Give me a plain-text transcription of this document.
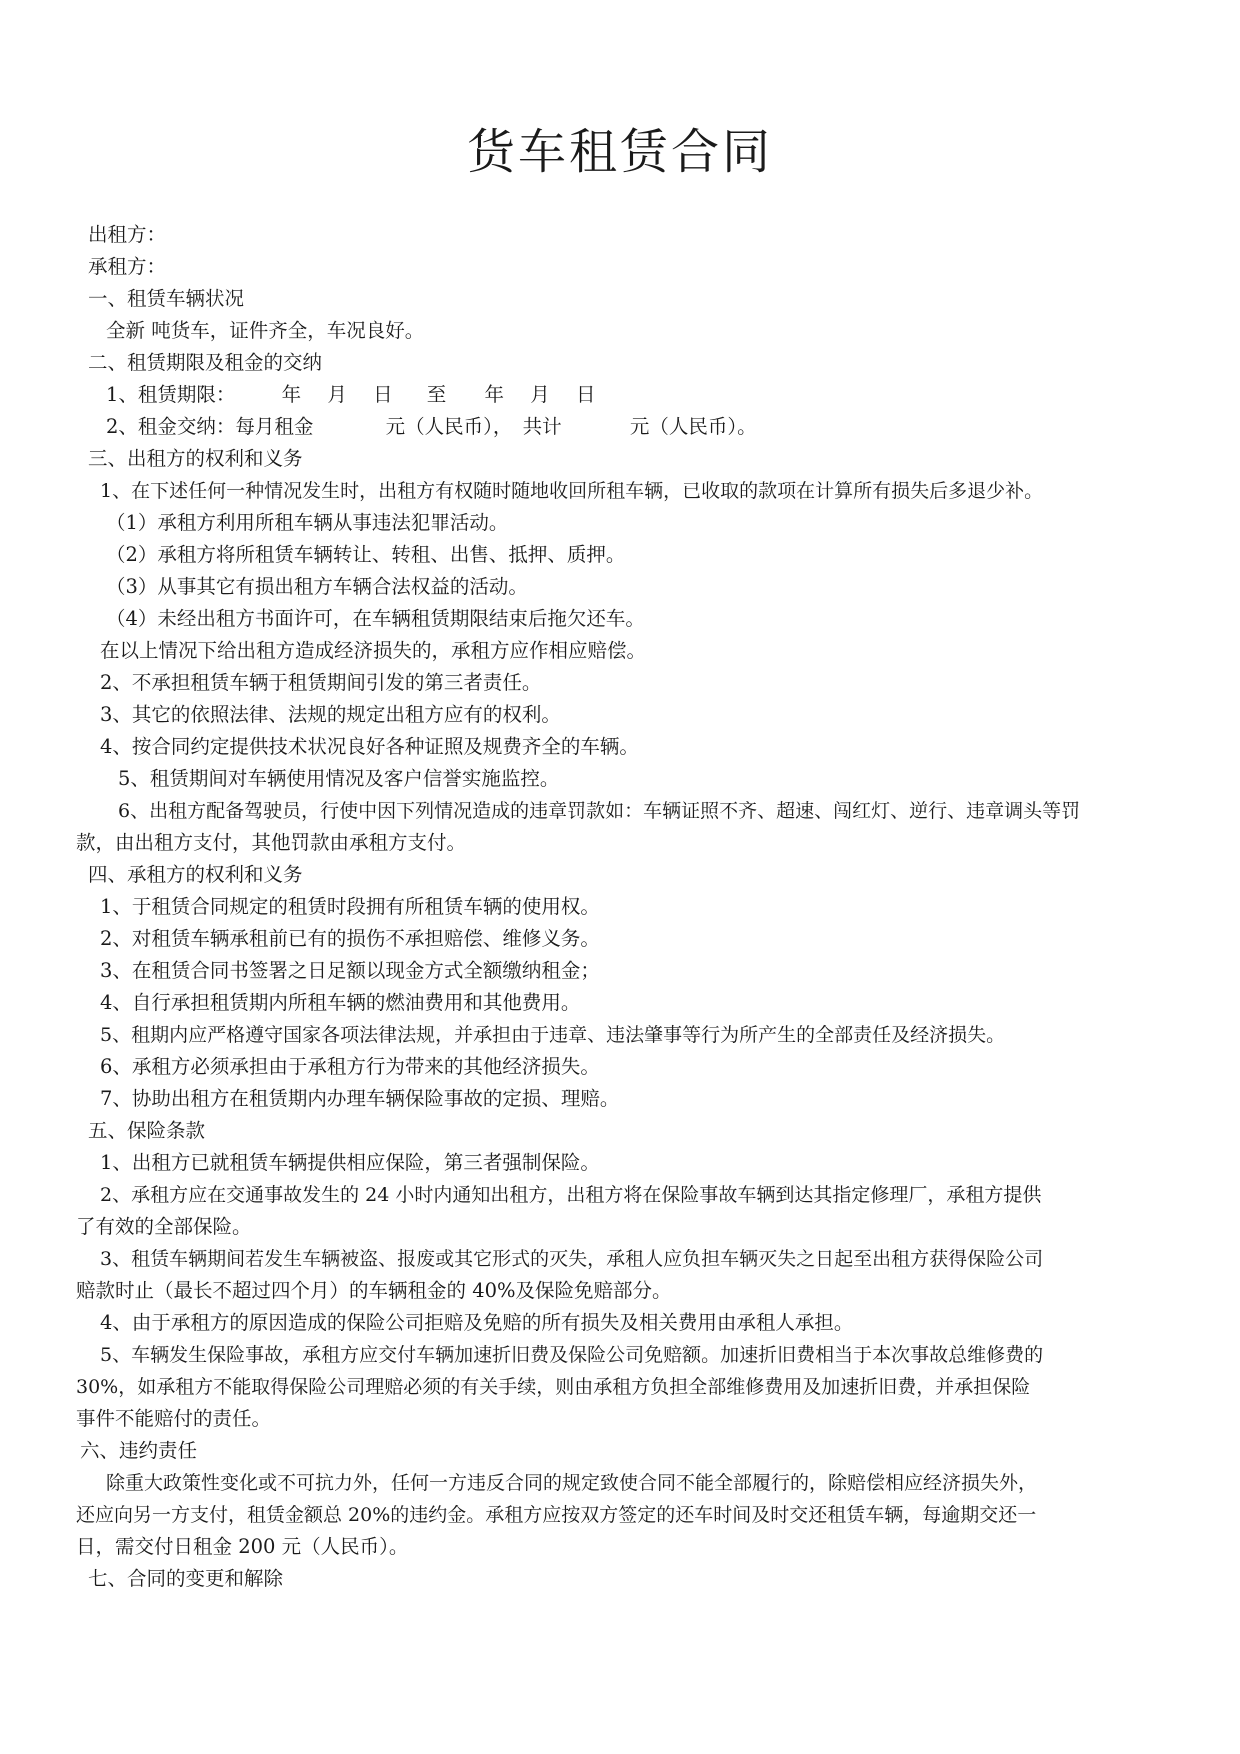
货车租赁合同
出租方：
承租方：
一、租赁车辆状况
全新 吨货车，证件齐全，车况良好。
二、租赁期限及租金的交纳
1、租赁期限： 年 月 日 至 年 月 日
2、租金交纳：每月租金	元（人民币）， 共计	元（人民币）。
三、出租方的权利和义务
1、在下述任何一种情况发生时，出租方有权随时随地收回所租车辆，已收取的款项在计算所有损失后多退少补。
（1）承租方利用所租车辆从事违法犯罪活动。
（2）承租方将所租赁车辆转让、转租、出售、抵押、质押。
（3）从事其它有损出租方车辆合法权益的活动。
（4）未经出租方书面许可，在车辆租赁期限结束后拖欠还车。
在以上情况下给出租方造成经济损失的，承租方应作相应赔偿。
2、不承担租赁车辆于租赁期间引发的第三者责任。
3、其它的依照法律、法规的规定出租方应有的权利。
4、按合同约定提供技术状况良好各种证照及规费齐全的车辆。
5、租赁期间对车辆使用情况及客户信誉实施监控。
6、出租方配备驾驶员，行使中因下列情况造成的违章罚款如：车辆证照不齐、超速、闯红灯、逆行、违章调头等罚
款，由出租方支付，其他罚款由承租方支付。
四、承租方的权利和义务
1、于租赁合同规定的租赁时段拥有所租赁车辆的使用权。
2、对租赁车辆承租前已有的损伤不承担赔偿、维修义务。
3、在租赁合同书签署之日足额以现金方式全额缴纳租金；
4、自行承担租赁期内所租车辆的燃油费用和其他费用。
5、租期内应严格遵守国家各项法律法规，并承担由于违章、违法肇事等行为所产生的全部责任及经济损失。
6、承租方必须承担由于承租方行为带来的其他经济损失。
7、协助出租方在租赁期内办理车辆保险事故的定损、理赔。
五、保险条款
1、出租方已就租赁车辆提供相应保险，第三者强制保险。
2、承租方应在交通事故发生的 24 小时内通知出租方，出租方将在保险事故车辆到达其指定修理厂，承租方提供
了有效的全部保险。
3、租赁车辆期间若发生车辆被盗、报废或其它形式的灭失，承租人应负担车辆灭失之日起至出租方获得保险公司
赔款时止（最长不超过四个月）的车辆租金的 40%及保险免赔部分。
4、由于承租方的原因造成的保险公司拒赔及免赔的所有损失及相关费用由承租人承担。
5、车辆发生保险事故，承租方应交付车辆加速折旧费及保险公司免赔额。加速折旧费相当于本次事故总维修费的
30%，如承租方不能取得保险公司理赔必须的有关手续，则由承租方负担全部维修费用及加速折旧费，并承担保险
事件不能赔付的责任。
六、违约责任
除重大政策性变化或不可抗力外，任何一方违反合同的规定致使合同不能全部履行的，除赔偿相应经济损失外，
还应向另一方支付，租赁金额总 20%的违约金。承租方应按双方签定的还车时间及时交还租赁车辆，每逾期交还一
日，需交付日租金 200 元（人民币）。
七、合同的变更和解除
